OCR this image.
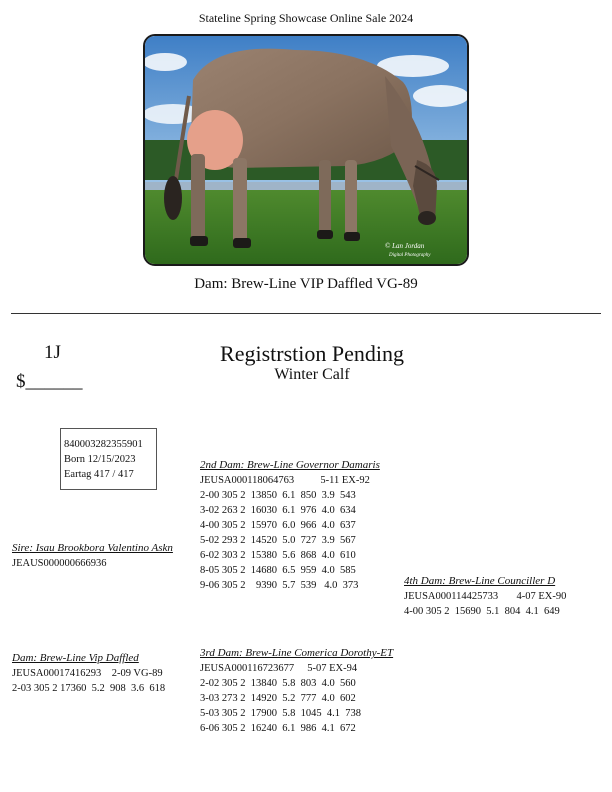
Stateline Spring Showcase Online Sale 2024
© Lan Jordan
Digital Photography
Dam: Brew-Line VIP Daffled VG-89
1J
$______
Registrstion Pending
Winter Calf
840003282355901
Born 12/15/2023
Eartag 417 / 417
Sire: Isau Brookbora Valentino Askn
JEAUS000000666936
Dam: Brew-Line Vip Daffled
JEUSA00017416293    2-09 VG-89
2-03 305 2 17360  5.2  908  3.6  618
2nd Dam: Brew-Line Governor Damaris
JEUSA000118064763          5-11 EX-92
2-00 305 2  13850  6.1  850  3.9  543
3-02 263 2  16030  6.1  976  4.0  634
4-00 305 2  15970  6.0  966  4.0  637
5-02 293 2  14520  5.0  727  3.9  567
6-02 303 2  15380  5.6  868  4.0  610
8-05 305 2  14680  6.5  959  4.0  585
9-06 305 2    9390  5.7  539   4.0  373	4th Dam: Brew-Line Counciller D
JEUSA000114425733       4-07 EX-90
4-00 305 2  15690  5.1  804  4.1  649
3rd Dam: Brew-Line Comerica Dorothy-ET
JEUSA000116723677     5-07 EX-94
2-02 305 2  13840  5.8  803  4.0  560
3-03 273 2  14920  5.2  777  4.0  602
5-03 305 2  17900  5.8  1045  4.1  738
6-06 305 2  16240  6.1  986  4.1  672
